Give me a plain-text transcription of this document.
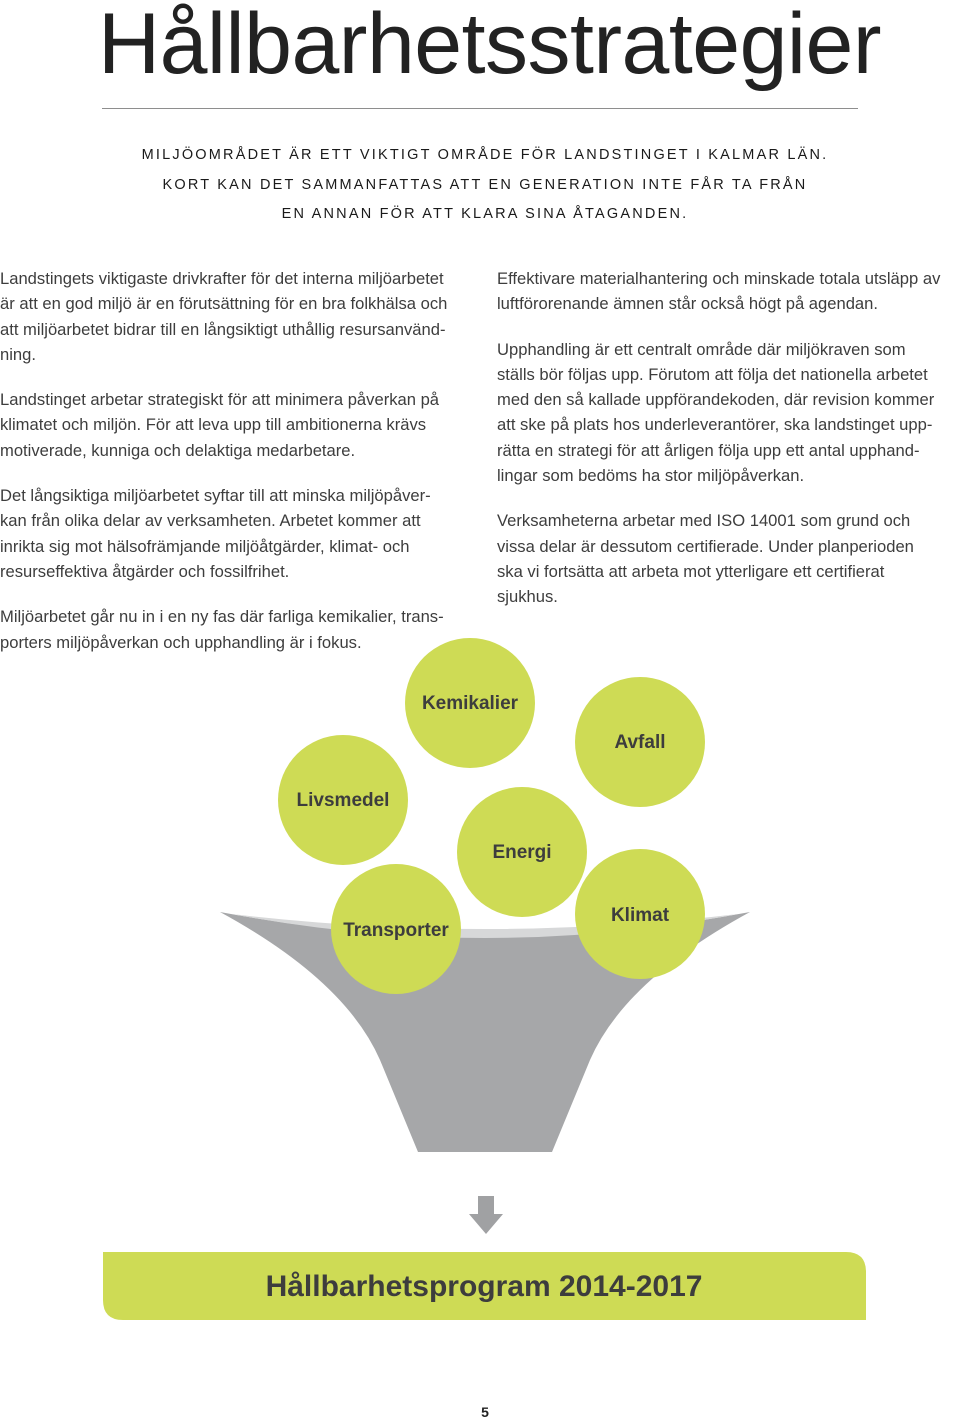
Hållbarhetsstrategier
MILJÖOMRÅDET ÄR ETT VIKTIGT OMRÅDE FÖR LANDSTINGET I KALMAR LÄN.
KORT KAN DET SAMMANFATTAS ATT EN GENERATION INTE FÅR TA FRÅN
EN ANNAN FÖR ATT KLARA SINA ÅTAGANDEN.

Landstingets viktigaste drivkrafter för det interna miljöarbetet
är att en god miljö är en förutsättning för en bra folkhälsa och
att miljöarbetet bidrar till en långsiktigt uthållig resursanvänd-
ning.

Landstinget arbetar strategiskt för att minimera påverkan på
klimatet och miljön. För att leva upp till ambitionerna krävs
motiverade, kunniga och delaktiga medarbetare.

Det långsiktiga miljöarbetet syftar till att minska miljöpåver-
kan från olika delar av verksamheten. Arbetet kommer att
inrikta sig mot hälsofrämjande miljöåtgärder, klimat- och
resurseffektiva åtgärder och fossilfrihet.

Miljöarbetet går nu in i en ny fas där farliga kemikalier, trans-
porters miljöpåverkan och upphandling är i fokus.

Effektivare materialhantering och minskade totala utsläpp av
luftförorenande ämnen står också högt på agendan.

Upphandling är ett centralt område där miljökraven som
ställs bör följas upp. Förutom att följa det nationella arbetet
med den så kallade uppförandekoden, där revision kommer
att ske på plats hos underleverantörer, ska landstinget upp-
rätta en strategi för att årligen följa upp ett antal upphand-
lingar som bedöms ha stor miljöpåverkan.

Verksamheterna arbetar med ISO 14001 som grund och
vissa delar är dessutom certifierade. Under planperioden
ska vi fortsätta att arbeta mot ytterligare ett certifierat
sjukhus.

Kemikalier
Avfall
Livsmedel
Energi
Transporter
Klimat
Hållbarhetsprogram 2014-2017
5
